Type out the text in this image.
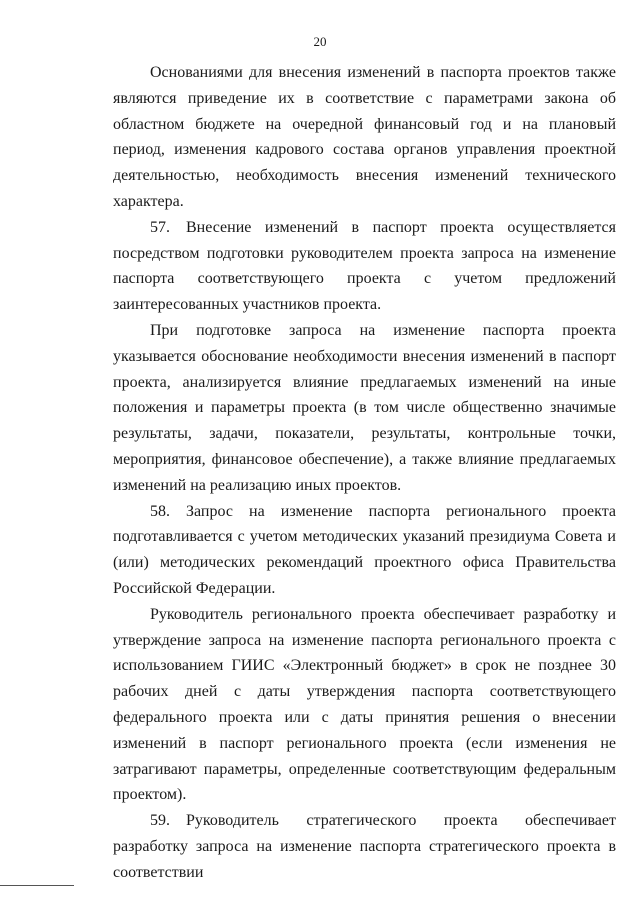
20

Основаниями для внесения изменений в паспорта проектов также являются приведение их в соответствие с параметрами закона об областном бюджете на очередной финансовый год и на плановый период, изменения кадрового состава органов управления проектной деятельностью, необходимость внесения изменений технического характера.

57. Внесение изменений в паспорт проекта осуществляется посредством подготовки руководителем проекта запроса на изменение паспорта соответствующего проекта с учетом предложений заинтересованных участников проекта.

При подготовке запроса на изменение паспорта проекта указывается обоснование необходимости внесения изменений в паспорт проекта, анализируется влияние предлагаемых изменений на иные положения и параметры проекта (в том числе общественно значимые результаты, задачи, показатели, результаты, контрольные точки, мероприятия, финансовое обеспечение), а также влияние предлагаемых изменений на реализацию иных проектов.

58. Запрос на изменение паспорта регионального проекта подготавливается с учетом методических указаний президиума Совета и (или) методических рекомендаций проектного офиса Правительства Российской Федерации.

Руководитель регионального проекта обеспечивает разработку и утверждение запроса на изменение паспорта регионального проекта с использованием ГИИС «Электронный бюджет» в срок не позднее 30 рабочих дней с даты утверждения паспорта соответствующего федерального проекта или с даты принятия решения о внесении изменений в паспорт регионального проекта (если изменения не затрагивают параметры, определенные соответствующим федеральным проектом).

59. Руководитель стратегического проекта обеспечивает разработку запроса на изменение паспорта стратегического проекта в соответствии
